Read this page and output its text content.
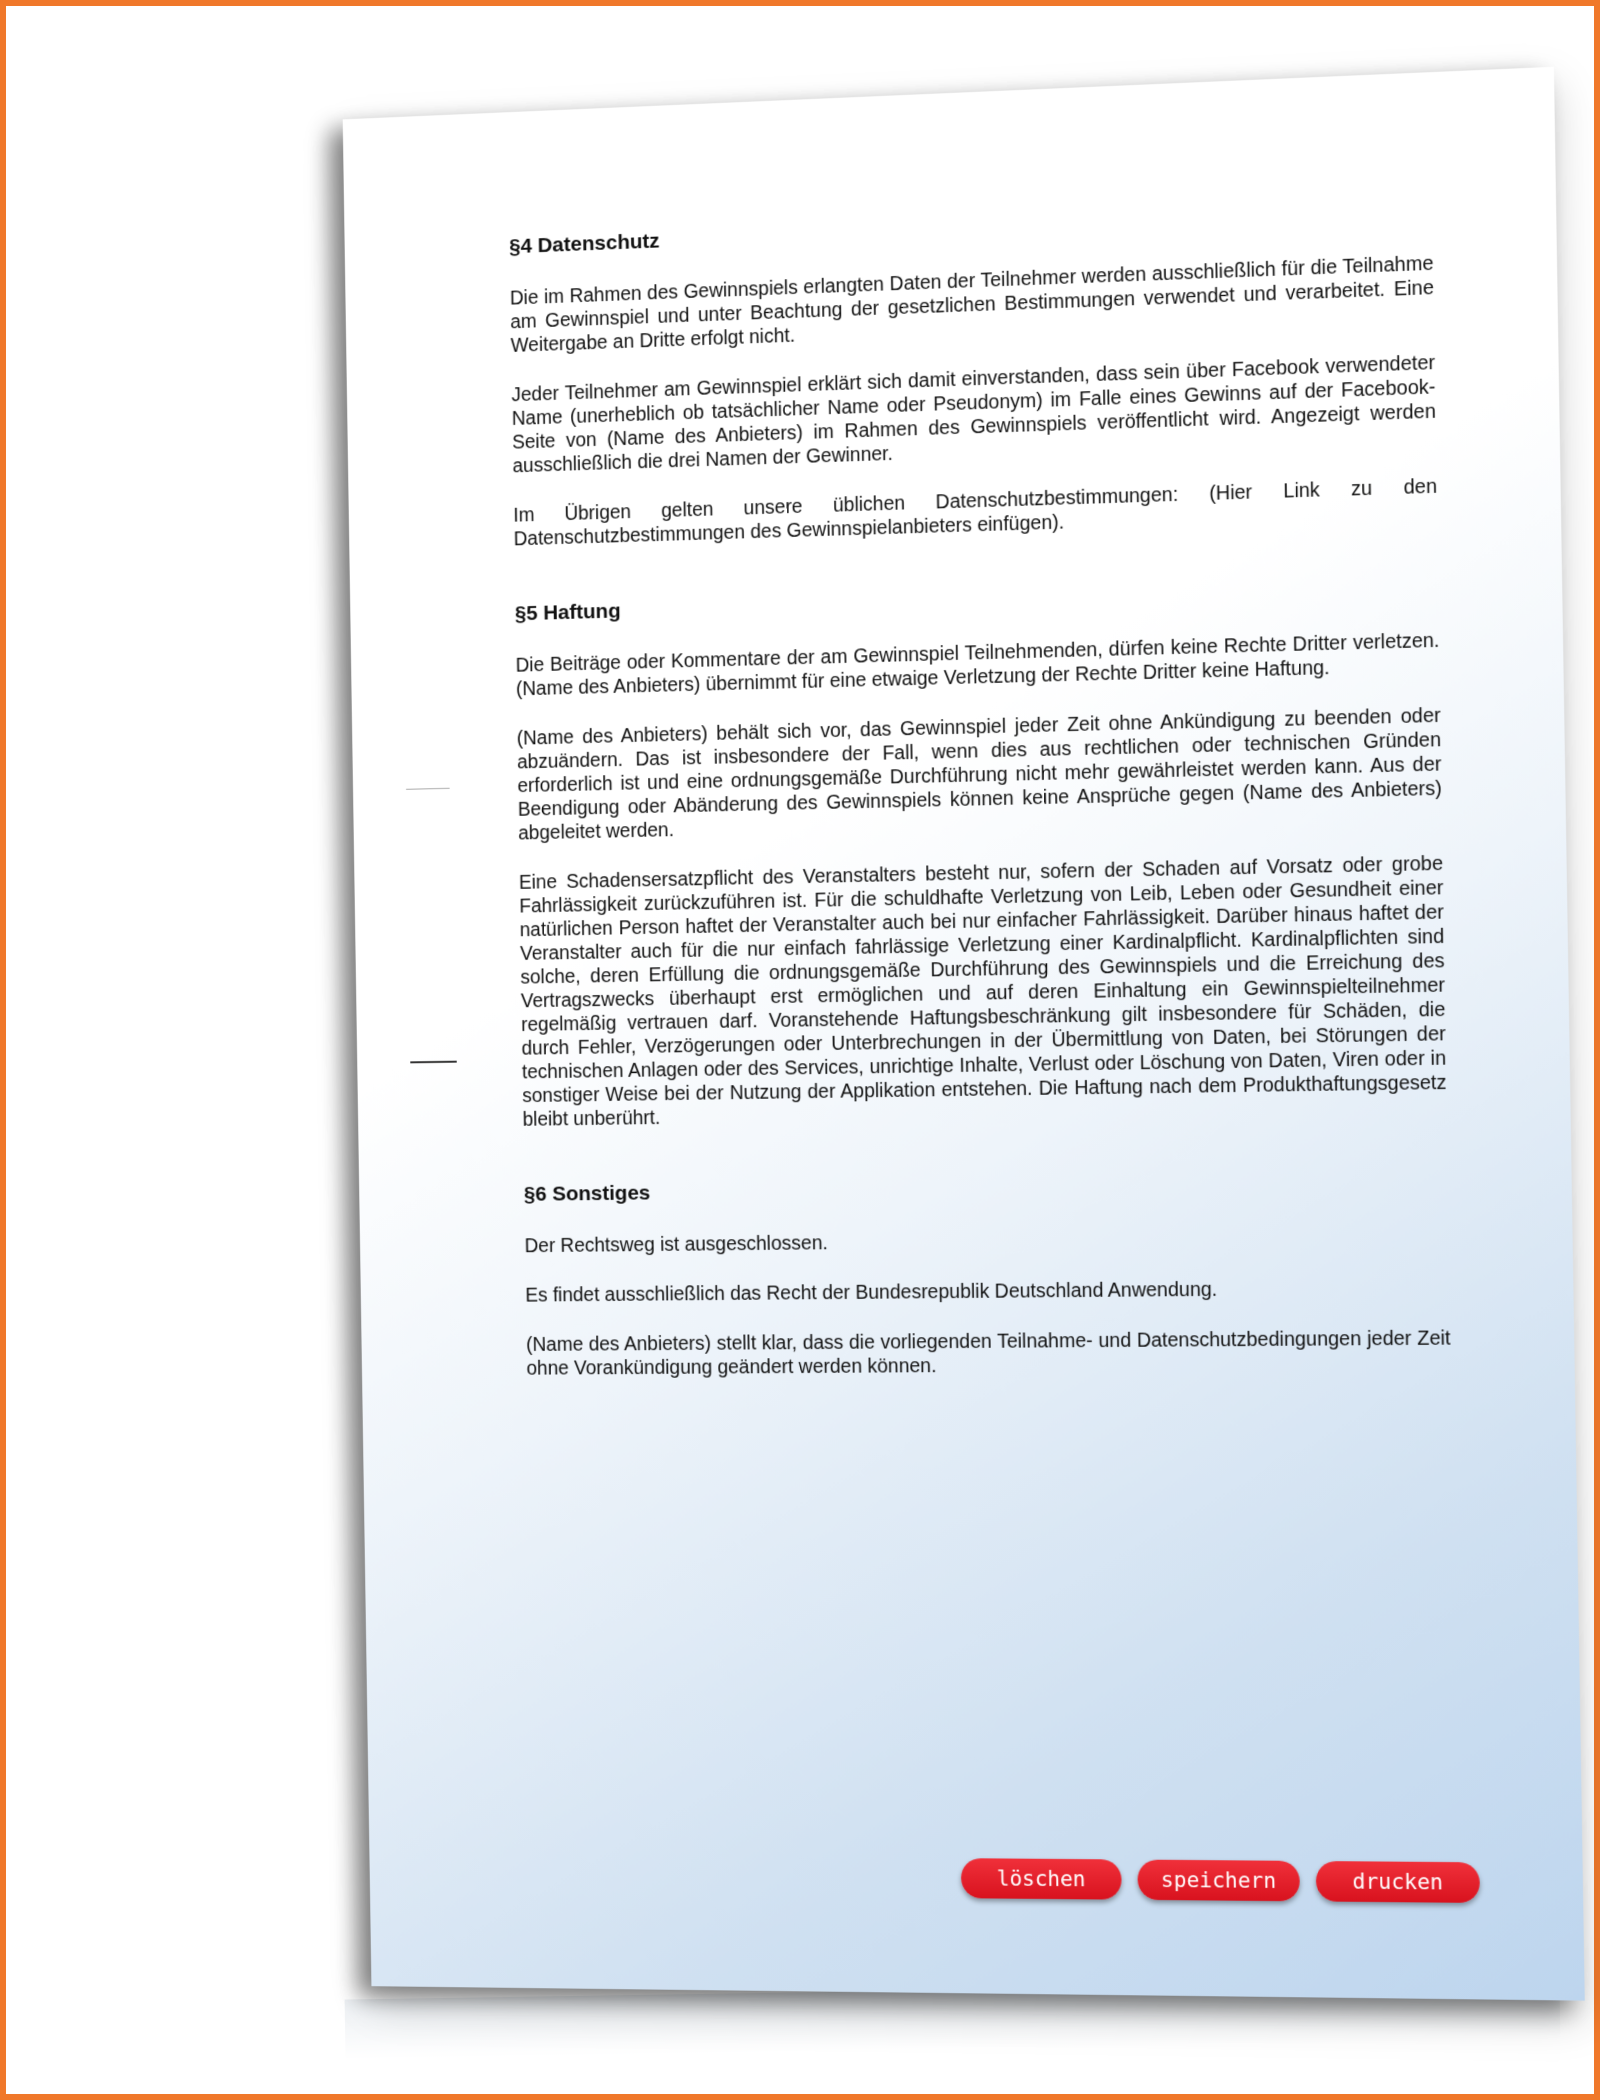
§4 Datenschutz

Die im Rahmen des Gewinnspiels erlangten Daten der Teilnehmer werden ausschließlich für die Teilnahme am Gewinnspiel und unter Beachtung der gesetzlichen Bestimmungen verwendet und verarbeitet. Eine Weitergabe an Dritte erfolgt nicht.

Jeder Teilnehmer am Gewinnspiel erklärt sich damit einverstanden, dass sein über Facebook verwendeter Name (unerheblich ob tatsächlicher Name oder Pseudonym) im Falle eines Gewinns auf der Facebook-Seite von (Name des Anbieters) im Rahmen des Gewinnspiels veröffentlicht wird. Angezeigt werden ausschließlich die drei Namen der Gewinner.

Im Übrigen gelten unsere üblichen Datenschutzbestimmungen: (Hier Link zu den Datenschutzbestimmungen des Gewinnspielanbieters einfügen).

§5 Haftung

Die Beiträge oder Kommentare der am Gewinnspiel Teilnehmenden, dürfen keine Rechte Dritter verletzen. (Name des Anbieters) übernimmt für eine etwaige Verletzung der Rechte Dritter keine Haftung.

(Name des Anbieters) behält sich vor, das Gewinnspiel jeder Zeit ohne Ankündigung zu beenden oder abzuändern. Das ist insbesondere der Fall, wenn dies aus rechtlichen oder technischen Gründen erforderlich ist und eine ordnungsgemäße Durchführung nicht mehr gewährleistet werden kann. Aus der Beendigung oder Abänderung des Gewinnspiels können keine Ansprüche gegen (Name des Anbieters) abgeleitet werden.

Eine Schadensersatzpflicht des Veranstalters besteht nur, sofern der Schaden auf Vorsatz oder grobe Fahrlässigkeit zurückzuführen ist. Für die schuldhafte Verletzung von Leib, Leben oder Gesundheit einer natürlichen Person haftet der Veranstalter auch bei nur einfacher Fahrlässigkeit. Darüber hinaus haftet der Veranstalter auch für die nur einfach fahrlässige Verletzung einer Kardinalpflicht. Kardinalpflichten sind solche, deren Erfüllung die ordnungsgemäße Durchführung des Gewinnspiels und die Erreichung des Vertragszwecks überhaupt erst ermöglichen und auf deren Einhaltung ein Gewinnspielteilnehmer regelmäßig vertrauen darf. Voranstehende Haftungsbeschränkung gilt insbesondere für Schäden, die durch Fehler, Verzögerungen oder Unterbrechungen in der Übermittlung von Daten, bei Störungen der technischen Anlagen oder des Services, unrichtige Inhalte, Verlust oder Löschung von Daten, Viren oder in sonstiger Weise bei der Nutzung der Applikation entstehen. Die Haftung nach dem Produkthaftungsgesetz bleibt unberührt.

§6 Sonstiges

Der Rechtsweg ist ausgeschlossen.

Es findet ausschließlich das Recht der Bundesrepublik Deutschland Anwendung.

(Name des Anbieters) stellt klar, dass die vorliegenden Teilnahme- und Datenschutzbedingungen jeder Zeit ohne Vorankündigung geändert werden können.

löschen	speichern	drucken
